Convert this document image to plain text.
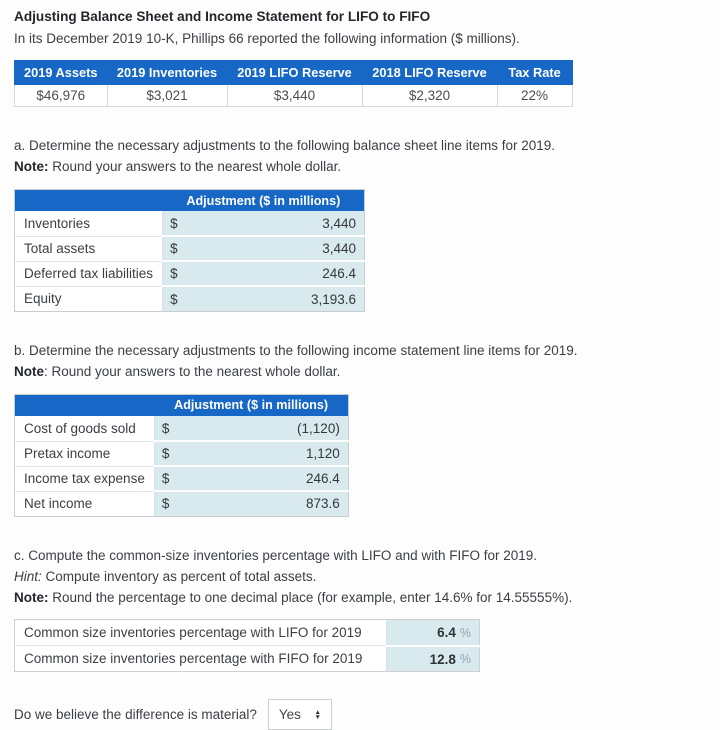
Adjusting Balance Sheet and Income Statement for LIFO to FIFO

In its December 2019 10-K, Phillips 66 reported the following information ($ millions).

2019 Assets	2019 Inventories	2019 LIFO Reserve	2018 LIFO Reserve	Tax Rate
$46,976	$3,021	$3,440	$2,320	22%

a. Determine the necessary adjustments to the following balance sheet line items for 2019.

Note: Round your answers to the nearest whole dollar.

	Adjustment ($ in millions)
Inventories	$ 3,440

Total assets	$ 3,440

Deferred tax liabilities	$ 246.4

Equity	$ 3,193.6

b. Determine the necessary adjustments to the following income statement line items for 2019.

Note: Round your answers to the nearest whole dollar.

	Adjustment ($ in millions)
Cost of goods sold	$ (1,120)

Pretax income	$ 1,120

Income tax expense	$ 246.4

Net income	$ 873.6

c. Compute the common-size inventories percentage with LIFO and with FIFO for 2019.

Hint: Compute inventory as percent of total assets.

Note: Round the percentage to one decimal place (for example, enter 14.6% for 14.55555%).

Common size inventories percentage with LIFO for 2019	6.4 %

Common size inventories percentage with FIFO for 2019	12.8 %
Do we believe the difference is material? Yes ▲
▼
